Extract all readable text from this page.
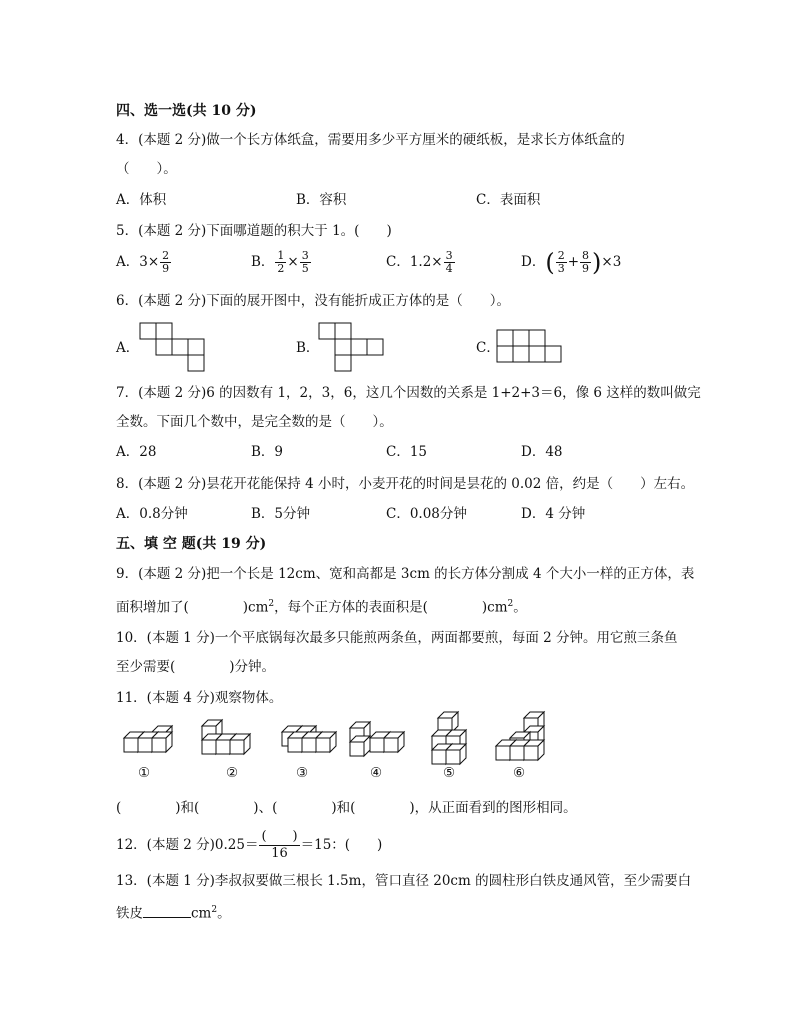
四、选一选(共 10 分)
4．(本题 2 分)做一个长方体纸盒，需要用多少平方厘米的硬纸板，是求长方体纸盒的
（　　）。
A．体积	B．容积	C．表面积
5．(本题 2 分)下面哪道题的积大于 1。(　　)
A．$3\times \frac{2}{9}$	B． $\frac{1}{2} \times \frac{3}{5}$	C．$1.2\times \frac{3}{4}$	D．( $\frac{2}{3} + \frac{8}{9} )\times 3$
6．(本题 2 分)下面的展开图中，没有能折成正方体的是（　　）。
A．	B．	C．
7．(本题 2 分)6 的因数有 1，2，3，6，这几个因数的关系是 1+2+3＝6，像 6 这样的数叫做完
全数。下面几个数中，是完全数的是（　　）。
A．28	B．9	C．15	D．48
8．(本题 2 分)昙花开花能保持 4 小时，小麦开花的时间是昙花的 0.02 倍，约是（　　）左右。
A．0.8分钟	B．5分钟	C．0.08分钟	D．4 分钟
五、填 空 题(共 19 分)
9．(本题 2 分)把一个长是 12cm、宽和高都是 3cm 的长方体分割成 4 个大小一样的正方体，表
面积增加了(　　　　)$cm^2$，每个正方体的表面积是(　　　　)$cm^2$。
10．(本题 1 分)一个平底锅每次最多只能煎两条鱼，两面都要煎，每面 2 分钟。用它煎三条鱼
至少需要(　　　　)分钟。
11．(本题 4 分)观察物体。
①	②	③	④	⑤	⑥
(　　　　)和(　　　　)、(　　　　)和(　　　　)，从正面看到的图形相同。
12．(本题 2 分)$0.25= \frac{( )}{16} =15$：(　　)
13．(本题 1 分)李叔叔要做三根长 1.5m，管口直径 20cm 的圆柱形白铁皮通风管，至少需要白
铁皮	$cm^2$。
